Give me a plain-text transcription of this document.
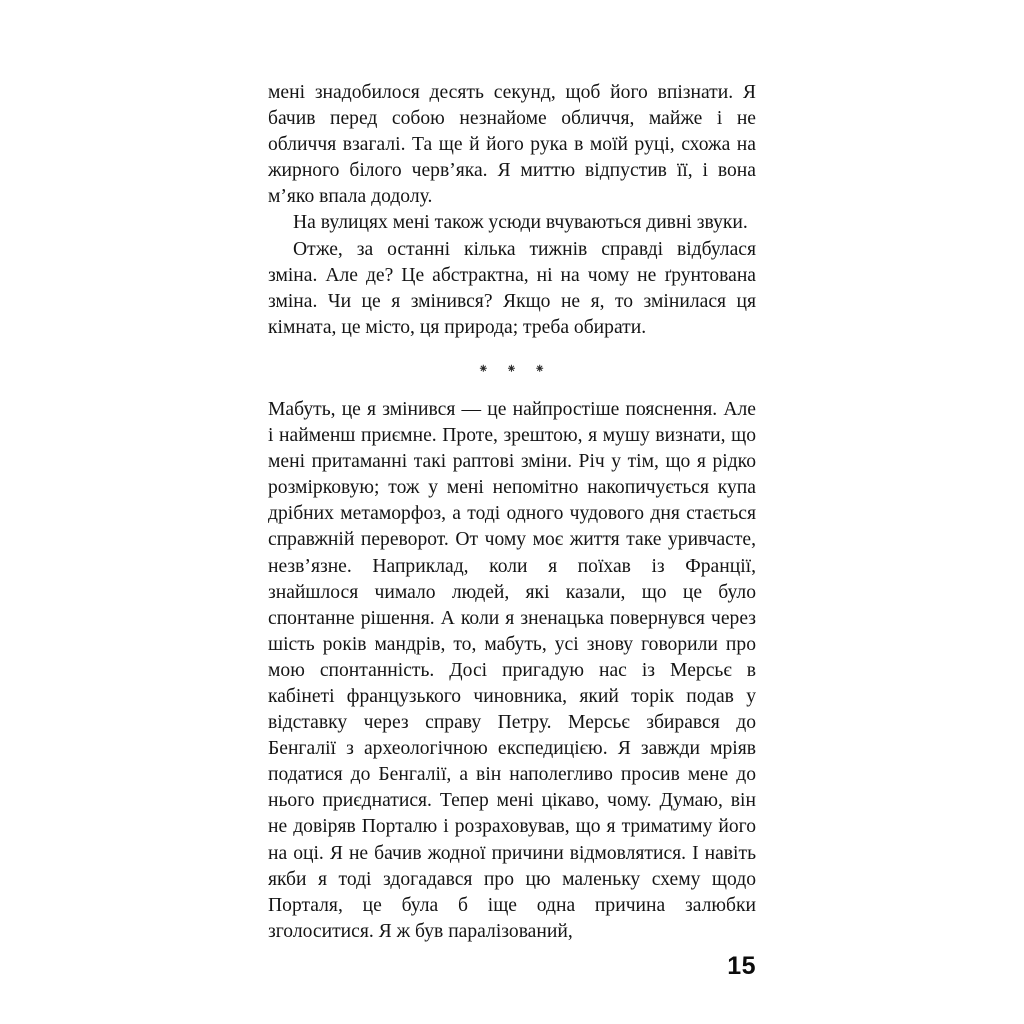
мені знадобилося десять секунд, щоб його впізнати. Я бачив перед собою незнайоме обличчя, майже і не обличчя взагалі. Та ще й його рука в моїй руці, схожа на жирного білого черв’яка. Я миттю відпустив її, і вона м’яко впала додолу.

На вулицях мені також усюди вчуваються дивні звуки.

Отже, за останні кілька тижнів справді відбулася зміна. Але де? Це абстрактна, ні на чому не ґрунтована зміна. Чи це я змінився? Якщо не я, то змінилася ця кімната, це місто, ця природа; треба обирати.

⁕ ⁕ ⁕

Мабуть, це я змінився — це найпростіше пояснення. Але і найменш приємне. Проте, зрештою, я мушу визнати, що мені притаманні такі раптові зміни. Річ у тім, що я рідко розмірковую; тож у мені непомітно накопичується купа дрібних метаморфоз, а тоді одного чудового дня стається справжній переворот. От чому моє життя таке уривчасте, незв’язне. Наприклад, коли я поїхав із Франції, знайшлося чимало людей, які казали, що це було спонтанне рішення. А коли я зненацька повернувся через шість років мандрів, то, мабуть, усі знову говорили про мою спонтанність. Досі пригадую нас із Мерсьє в кабінеті французького чиновника, який торік подав у відставку через справу Петру. Мерсьє збирався до Бенгалії з археологічною експедицією. Я завжди мріяв податися до Бенгалії, а він наполегливо просив мене до нього приєднатися. Тепер мені цікаво, чому. Думаю, він не довіряв Порталю і розраховував, що я триматиму його на оці. Я не бачив жодної причини відмовлятися. І навіть якби я тоді здогадався про цю маленьку схему щодо Порталя, це була б іще одна причина залюбки зголоситися. Я ж був паралізований,

15
